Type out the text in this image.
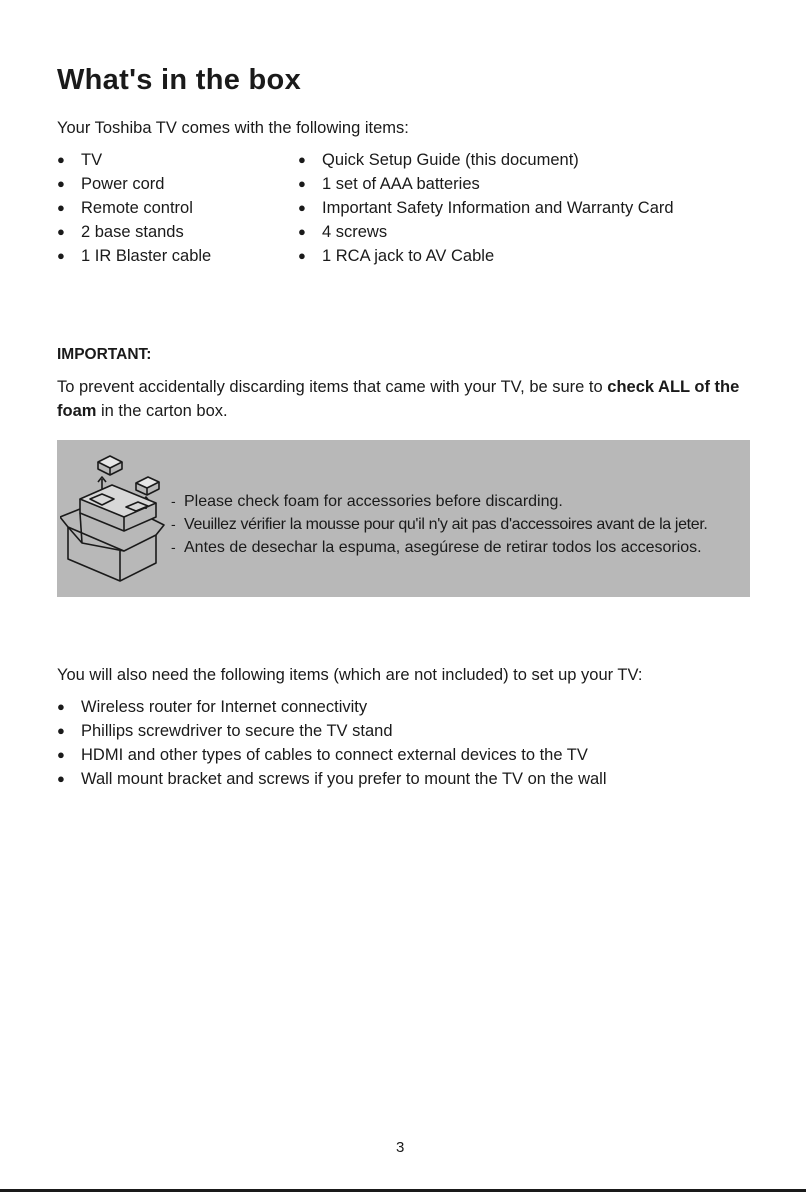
What's in the box
Your Toshiba TV comes with the following items:
● TV
● Power cord
● Remote control
● 2 base stands
● 1 IR Blaster cable
● Quick Setup Guide (this document)
● 1 set of AAA batteries
● Important Safety Information and Warranty Card
● 4 screws
● 1 RCA jack to AV Cable
IMPORTANT:
To prevent accidentally discarding items that came with your TV, be sure to check ALL of the foam in the carton box.
- Please check foam for accessories before discarding.
- Veuillez vérifier la mousse pour qu'il n'y ait pas d'accessoires avant de la jeter.
- Antes de desechar la espuma, asegúrese de retirar todos los accesorios.
You will also need the following items (which are not included) to set up your TV:
● Wireless router for Internet connectivity
● Phillips screwdriver to secure the TV stand
● HDMI and other types of cables to connect external devices to the TV
● Wall mount bracket and screws if you prefer to mount the TV on the wall
3
